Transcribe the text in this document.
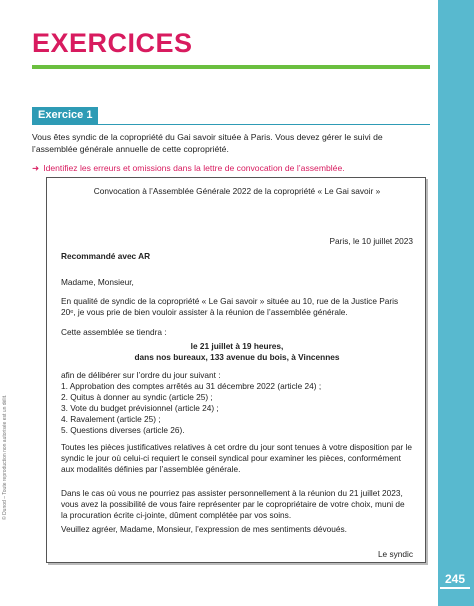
245
© Dunod – Toute reproduction non autorisée est un délit.
EXERCICES
Exercice 1

Vous êtes syndic de la copropriété du Gai savoir située à Paris. Vous devez gérer le suivi de l’assemblée générale annuelle de cette copropriété.

➜ Identifiez les erreurs et omissions dans la lettre de convocation de l’assemblée.

Convocation à l’Assemblée Générale 2022 de la copropriété « Le Gai savoir »

Paris, le 10 juillet 2023

Recommandé avec AR

Madame, Monsieur,

En qualité de syndic de la copropriété « Le Gai savoir » située au 10, rue de la Justice Paris 20ᵉ, je vous prie de bien vouloir assister à la réunion de l’assemblée générale.

Cette assemblée se tiendra :

le 21 juillet à 19 heures,
dans nos bureaux, 133 avenue du bois, à Vincennes

afin de délibérer sur l’ordre du jour suivant :

1. Approbation des comptes arrêtés au 31 décembre 2022 (article 24) ;
2. Quitus à donner au syndic (article 25) ;
3. Vote du budget prévisionnel (article 24) ;
4. Ravalement (article 25) ;
5. Questions diverses (article 26).

Toutes les pièces justificatives relatives à cet ordre du jour sont tenues à votre disposition par le syndic le jour où celui-ci requiert le conseil syndical pour examiner les pièces, conformément aux modalités définies par l’assemblée générale.

Dans le cas où vous ne pourriez pas assister personnellement à la réunion du 21 juillet 2023, vous avez la possibilité de vous faire représenter par le copropriétaire de votre choix, muni de la procuration écrite ci-jointe, dûment complétée par vos soins.

Veuillez agréer, Madame, Monsieur, l’expression de mes sentiments dévoués.

Le syndic
